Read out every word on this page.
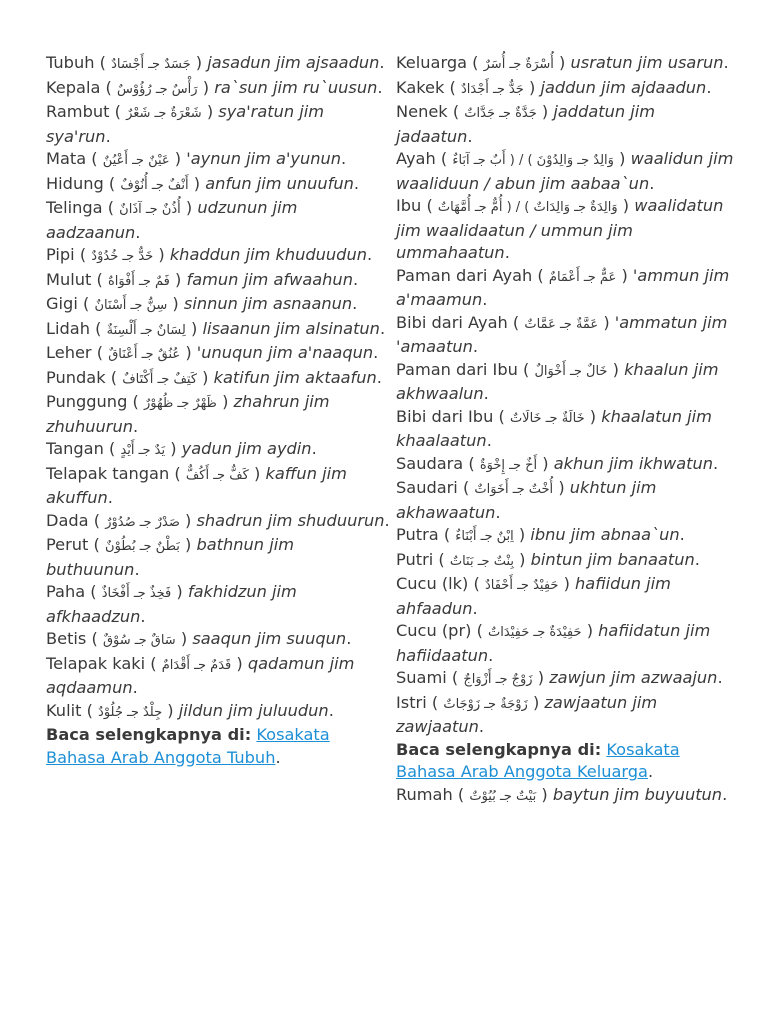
Tubuh ( جَسَدٌ جـ أَجْسَادٌ ) jasadun jim ajsaadun.

Kepala ( رَأْسٌ جـ رُؤُوْسٌ ) ra`sun jim ru`uusun.

Rambut ( شَعْرَةٌ جـ شَعْرٌ ) sya'ratun jim sya'run.

Mata ( عَيْنٌ جـ أَعْيُنٌ ) 'aynun jim a'yunun.

Hidung ( أَنْفٌ جـ أُنُوْفٌ ) anfun jim unuufun.

Telinga ( أُذُنٌ جـ آذَانٌ ) udzunun jim aadzaanun.

Pipi ( خَدٌّ جـ خُدُوْدٌ ) khaddun jim khuduudun.

Mulut ( فَمٌ جـ أَفْوَاهٌ ) famun jim afwaahun.

Gigi ( سِنٌّ جـ أَسْنَانٌ ) sinnun jim asnaanun.

Lidah ( لِسَانٌ جـ أَلْسِنَةٌ ) lisaanun jim alsinatun.

Leher ( عُنُقٌ جـ أَعْنَاقٌ ) 'unuqun jim a'naaqun.

Pundak ( كَتِفٌ جـ أَكْتَافٌ ) katifun jim aktaafun.

Punggung ( ظَهْرٌ جـ ظُهُوْرٌ ) zhahrun jim zhuhuurun.

Tangan ( يَدٌ جـ أَيْدٍ ) yadun jim aydin.

Telapak tangan ( كَفٌّ جـ أَكُفٌّ ) kaffun jim akuffun.

Dada ( صَدْرٌ جـ صُدُوْرٌ ) shadrun jim shuduurun.

Perut ( بَطْنٌ جـ بُطُوْنٌ ) bathnun jim buthuunun.

Paha ( فَخِذٌ جـ أَفْخَاذٌ ) fakhidzun jim afkhaadzun.

Betis ( سَاقٌ جـ سُوْقٌ ) saaqun jim suuqun.

Telapak kaki ( قَدَمٌ جـ أَقْدَامٌ ) qadamun jim aqdaamun.

Kulit ( جِلْدٌ جـ جُلُوْدٌ ) jildun jim juluudun.

Baca selengkapnya di: Kosakata Bahasa Arab Anggota Tubuh.

Keluarga ( أُسْرَةٌ جـ أُسَرٌ ) usratun jim usarun.

Kakek ( جَدٌّ جـ أَجْدَادٌ ) jaddun jim ajdaadun.

Nenek ( جَدَّةٌ جـ جَدَّاتٌ ) jaddatun jim jadaatun.

Ayah ( وَالِدٌ جـ وَالِدُوْنَ ) / ( أَبٌ جـ آبَاءٌ ) waalidun jim waaliduun / abun jim aabaa`un.

Ibu ( وَالِدَةٌ جـ وَالِدَاتٌ ) / ( أُمٌّ جـ أُمَّهَاتٌ ) waalidatun jim waalidaatun / ummun jim ummahaatun.

Paman dari Ayah ( عَمٌّ جـ أَعْمَامٌ ) 'ammun jim a'maamun.

Bibi dari Ayah ( عَمَّةٌ جـ عَمَّاتٌ ) 'ammatun jim 'amaatun.

Paman dari Ibu ( خَالٌ جـ أَخْوَالٌ ) khaalun jim akhwaalun.

Bibi dari Ibu ( خَالَةٌ جـ خَالَاتٌ ) khaalatun jim khaalaatun.

Saudara ( أَخٌ جـ إِخْوَةٌ ) akhun jim ikhwatun.

Saudari ( أُخْتٌ جـ أَخَوَاتٌ ) ukhtun jim akhawaatun.

Putra ( اِبْنٌ جـ أَبْنَاءٌ ) ibnu jim abnaa`un.

Putri ( بِنْتٌ جـ بَنَاتٌ ) bintun jim banaatun.

Cucu (lk) ( حَفِيْدٌ جـ أَحْفَادٌ ) hafiidun jim ahfaadun.

Cucu (pr) ( حَفِيْدَةٌ جـ حَفِيْدَاتٌ ) hafiidatun jim hafiidaatun.

Suami ( زَوْجٌ جـ أَزْوَاجٌ ) zawjun jim azwaajun.

Istri ( زَوْجَةٌ جـ زَوْجَاتٌ ) zawjaatun jim zawjaatun.

Baca selengkapnya di: Kosakata Bahasa Arab Anggota Keluarga.

Rumah ( بَيْتٌ جـ بُيُوْتٌ ) baytun jim buyuutun.
